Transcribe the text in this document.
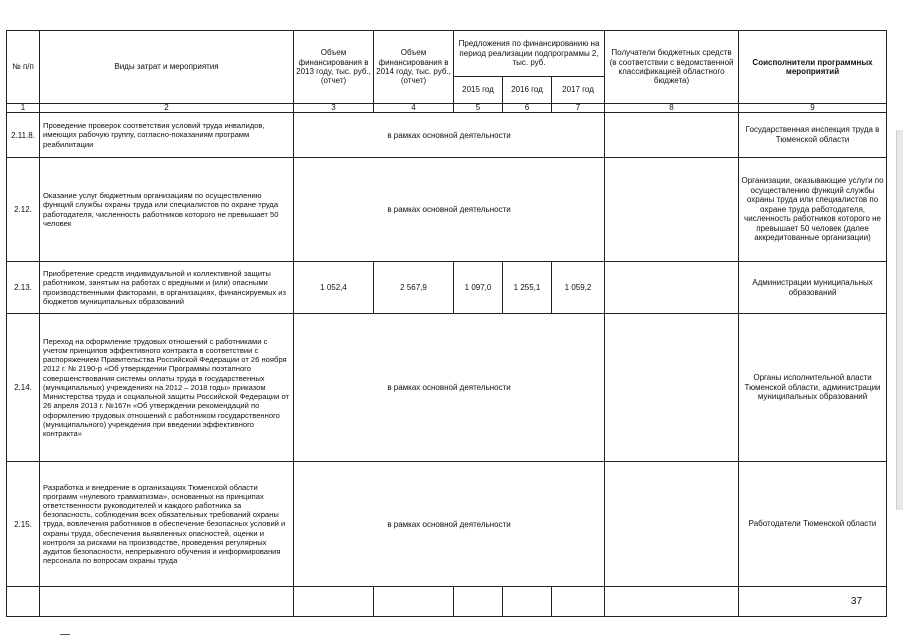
№ п/п	Виды затрат и мероприятия	Объем финансирования в 2013 году, тыс. руб., (отчет)	Объем финансирования в 2014 году, тыс. руб., (отчет)	Предложения по финансированию на период реализации подпрограммы 2, тыс. руб.			Получатели бюджетных средств (в соответствии с ведомственной классификацией областного бюджета)	Соисполнители программных мероприятий
				2015 год	2016 год	2017 год		
1	2	3	4	5	6	7	8	9
2.11.8.	Проведение проверок соответствия условий труда инвалидов, имеющих рабочую группу, согласно-показаниям программ реабилитации	в рамках основной деятельности						Государственная инспекция труда в Тюменской области
2.12.	Оказание услуг бюджетным организациям по осуществлению функций службы охраны труда или специалистов по охране труда работодателя, численность работников которого не превышает 50 человек	в рамках основной деятельности						Организации, оказывающие услуги по осуществлению функций службы охраны труда или специалистов по охране труда работодателя, численность работников которого не превышает 50 человек (далее аккредитованные организации)
2.13.	Приобретение средств индивидуальной и коллективной защиты работником, занятым на работах с вредными и (или) опасными производственными факторами, в организациях, финансируемых из бюджетов муниципальных образований	1 052,4	2 567,9	1 097,0	1 255,1	1 059,2		Администрации муниципальных образований
2.14.	Переход на оформление трудовых отношений с работниками с учетом принципов эффективного контракта в соответствии с распоряжением Правительства Российской Федерации от 26 ноября 2012 г. № 2190-р «Об утверждении Программы поэтапного совершенствования системы оплаты труда в государственных (муниципальных) учреждениях на 2012 – 2018 годы» приказом Министерства труда и социальной защиты Российской Федерации от 26 апреля 2013 г. №167н «Об утверждении рекомендаций по оформлению трудовых отношений с работником государственного (муниципального) учреждения при введении эффективного контракта»	в рамках основной деятельности						Органы исполнительной власти Тюменской области, администрации муниципальных образований
2.15.	Разработка и внедрение в организациях Тюменской области программ «нулевого травматизма», основанных на принципах ответственности руководителей и каждого работника за безопасность, соблюдения всех обязательных требований охраны труда, вовлечения работников в обеспечение безопасных условий и охраны труда, обеспечения выявленных опасностей, оценки и контроля за рисками на производстве, проведения регулярных аудитов безопасности, непрерывного обучения и информирования персонала по вопросам охраны труда	в рамках основной деятельности						Работодатели Тюменской области
								37
